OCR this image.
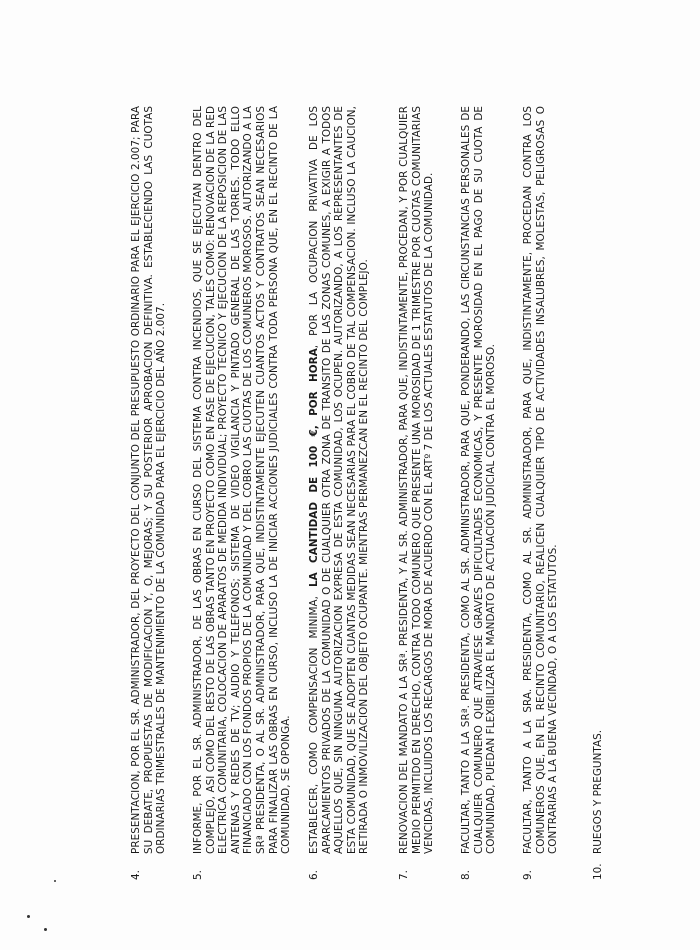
4.
PRESENTACION, POR EL SR. ADMINISTRADOR, DEL PROYECTO DEL CONJUNTO DEL PRESUPUESTO ORDINARIO PARA EL EJERCICIO 2.007; PARA SU DEBATE, PROPUESTAS DE MODIFICACION Y, O, MEJORAS; Y SU POSTERIOR APROBACION DEFINITIVA. ESTABLECIENDO LAS CUOTAS ORDINARIAS TRIMESTRALES DE MANTENIMIENTO DE LA COMUNIDAD PARA EL EJERCICIO DEL AÑO 2.007.
5.
INFORME, POR EL SR. ADMINISTRADOR, DE LAS OBRAS EN CURSO DEL SISTEMA CONTRA INCENDIOS, QUE SE EJECUTAN DENTRO DEL COMPLEJO, ASI COMO DEL RESTO DE LAS OBRAS TANTO EN PROYECTO COMO EN FASE DE EJECUCION, TALES COMO: RENOVACION DE LA RED ELECTRICA COMUNITARIA, COLOCACION DE APARATOS DE MEDIDA INDIVIDUAL; PROYECTO TECNICO Y EJECUCION DE LA REPOSICION DE LAS ANTENAS Y REDES DE TV; AUDIO Y TELEFONOS; SISTEMA DE VIDEO VIGILANCIA Y PINTADO GENERAL DE LAS TORRES. TODO ELLO FINANCIADO CON LOS FONDOS PROPIOS DE LA COMUNIDAD Y DEL COBRO LAS CUOTAS DE LOS COMUNEROS MOROSOS. AUTORIZANDO A LA SRª PRESIDENTA, O AL SR. ADMINISTRADOR, PARA QUE, INDISTINTAMENTE EJECUTEN CUANTOS ACTOS Y CONTRATOS SEAN NECESARIOS PARA FINALIZAR LAS OBRAS EN CURSO, INCLUSO LA DE INICIAR ACCIONES JUDICIALES CONTRA TODA PERSONA QUE, EN EL RECINTO DE LA COMUNIDAD, SE OPONGA.
6.
ESTABLECER, COMO COMPENSACION MINIMA, LA CANTIDAD DE 100 €, POR HORA, POR LA OCUPACION PRIVATIVA DE LOS APARCAMIENTOS PRIVADOS DE LA COMUNIDAD O DE CUALQUIER OTRA ZONA DE TRANSITO DE LAS ZONAS COMUNES, A EXIGIR A TODOS AQUELLOS QUE, SIN NINGUNA AUTORIZACION EXPRESA DE ESTA COMUNIDAD, LOS OCUPEN. AUTORIZANDO, A LOS REPRESENTANTES DE ESTA COMUNIDAD, QUE SE ADOPTEN CUANTAS MEDIDAS SEAN NECESARIAS PARA EL COBRO DE TAL COMPENSACION. INCLUSO LA CAUCION, RETIRADA O INMOVILIZACION DEL OBJETO OCUPANTE. MIENTRAS PERMANEZCAN EN EL RECINTO DEL COMPLEJO.
7.
RENOVACION DEL MANDATO A LA SRª. PRESIDENTA, Y AL SR. ADMINISTRADOR, PARA QUE, INDISTINTAMENTE, PROCEDAN, Y POR CUALQUIER MEDIO PERMITIDO EN DERECHO, CONTRA TODO COMUNERO QUE PRESENTE UNA MOROSIDAD DE 1 TRIMESTRE POR CUOTAS COMUNITARIAS VENCIDAS, INCLUIDOS LOS RECARGOS DE MORA DE ACUERDO CON EL ARTº 7 DE LOS ACTUALES ESTATUTOS DE LA COMUNIDAD.
8.
FACULTAR, TANTO A LA SRª. PRESIDENTA, COMO AL SR. ADMINISTRADOR, PARA QUE, PONDERANDO, LAS CIRCUNSTANCIAS PERSONALES DE CUALQUIER COMUNERO QUE ATRAVIESE GRAVES DIFICULTADES ECONOMICAS, Y PRESENTE MOROSIDAD EN EL PAGO DE SU CUOTA DE COMUNIDAD, PUEDAN FLEXIBILIZAR EL MANDATO DE ACTUACIÓN JUDICIAL CONTRA EL MOROSO.
9.
FACULTAR, TANTO A LA SRA. PRESIDENTA, COMO AL SR. ADMINISTRADOR, PARA QUE, INDISTINTAMENTE, PROCEDAN CONTRA LOS COMUNEROS QUE, EN EL RECINTO COMUNITARIO, REALICEN CUALQUIER TIPO DE ACTIVIDADES INSALUBRES, MOLESTAS, PELIGROSAS O CONTRARIAS A LA BUENA VECINDAD, O A LOS ESTATUTOS.
10.
RUEGOS Y PREGUNTAS.
